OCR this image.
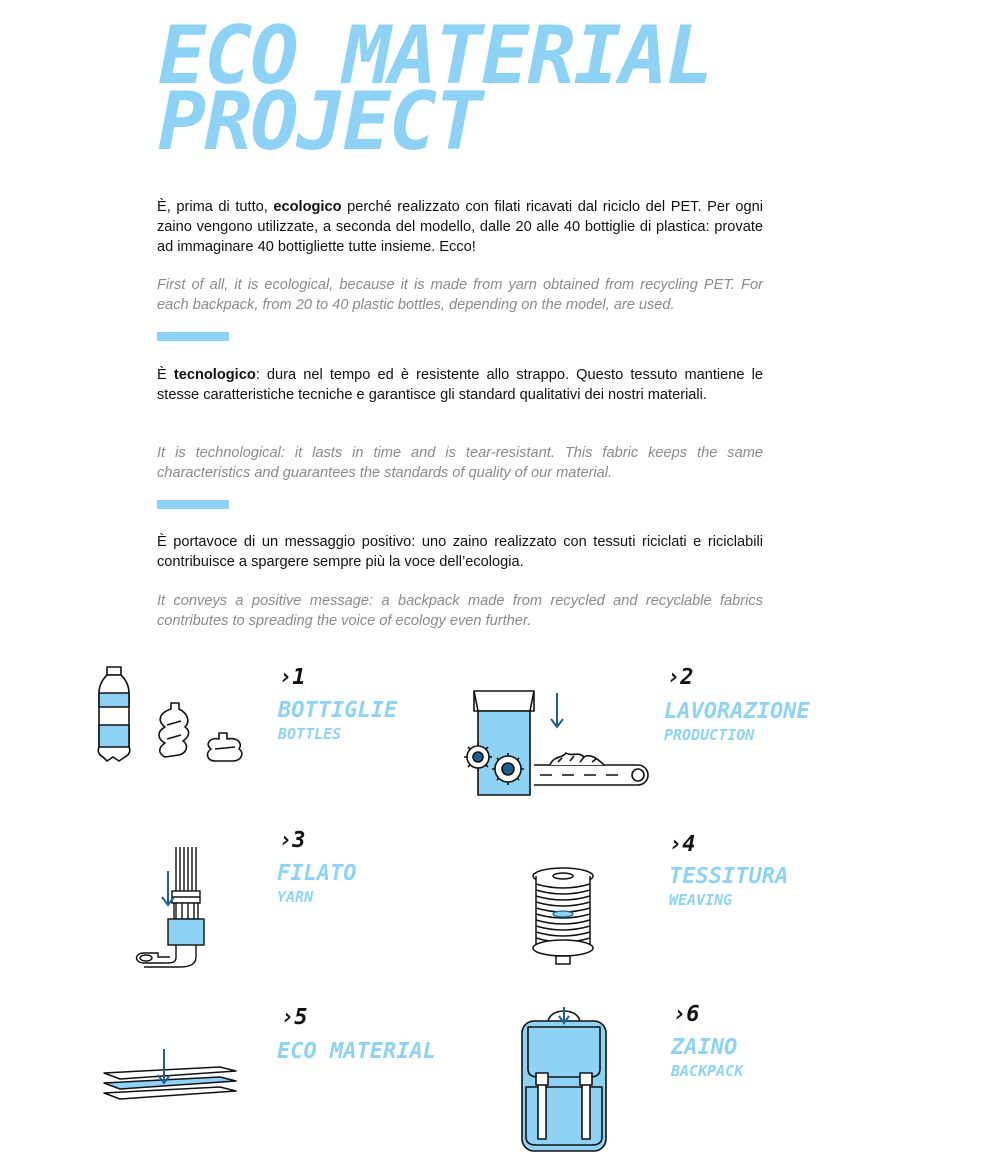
ECO MATERIAL
PROJECT

È, prima di tutto, ecologico perché realizzato con filati ricavati dal riciclo del PET. Per ogni zaino vengono utilizzate, a seconda del modello, dalle 20 alle 40 bottiglie di plastica: provate ad immaginare 40 bottigliette tutte insieme. Ecco!

First of all, it is ecological, because it is made from yarn obtained from recycling PET. For each backpack, from 20 to 40 plastic bottles, depending on the model, are used.

È tecnologico: dura nel tempo ed è resistente allo strappo. Questo tessuto mantiene le stesse caratteristiche tecniche e garantisce gli standard qualitativi dei nostri materiali.

It is technological: it lasts in time and is tear-resistant. This fabric keeps the same characteristics and guarantees the standards of quality of our material.

È portavoce di un messaggio positivo: uno zaino realizzato con tessuti riciclati e riciclabili contribuisce a spargere sempre più la voce dell’ecologia.

It conveys a positive message: a backpack made from recycled and recyclable fabrics contributes to spreading the voice of ecology even further.

›1
BOTTIGLIE
BOTTLES
›2
LAVORAZIONE
PRODUCTION
›3
FILATO
YARN
›4
TESSITURA
WEAVING
›5
ECO MATERIAL
›6
ZAINO
BACKPACK
